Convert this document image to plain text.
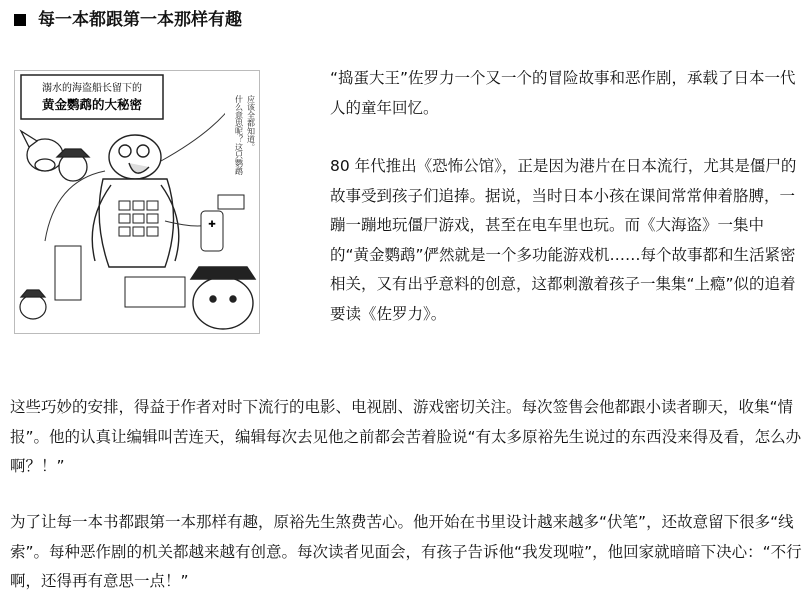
每一本都跟第一本那样有趣
溺水的海盗船长留下的
黄金鹦鹉的大秘密
✚
什么意思呢？这只鹦鹉 应该全都知道。

“捣蛋大王”佐罗力一个又一个的冒险故事和恶作剧，承载了日本一代人的童年回忆。

80 年代推出《恐怖公馆》，正是因为港片在日本流行，尤其是僵尸的故事受到孩子们追捧。据说，当时日本小孩在课间常常伸着胳膊，一蹦一蹦地玩僵尸游戏，甚至在电车里也玩。而《大海盗》一集中的“黄金鹦鹉”俨然就是一个多功能游戏机……每个故事都和生活紧密相关，又有出乎意料的创意，这都刺激着孩子一集集“上瘾”似的追着要读《佐罗力》。

这些巧妙的安排，得益于作者对时下流行的电影、电视剧、游戏密切关注。每次签售会他都跟小读者聊天，收集“情报”。他的认真让编辑叫苦连天，编辑每次去见他之前都会苦着脸说“有太多原裕先生说过的东西没来得及看，怎么办啊？！”

为了让每一本书都跟第一本那样有趣，原裕先生煞费苦心。他开始在书里设计越来越多“伏笔”，还故意留下很多“线索”。每种恶作剧的机关都越来越有创意。每次读者见面会，有孩子告诉他“我发现啦”，他回家就暗暗下决心：“不行啊，还得再有意思一点！”
